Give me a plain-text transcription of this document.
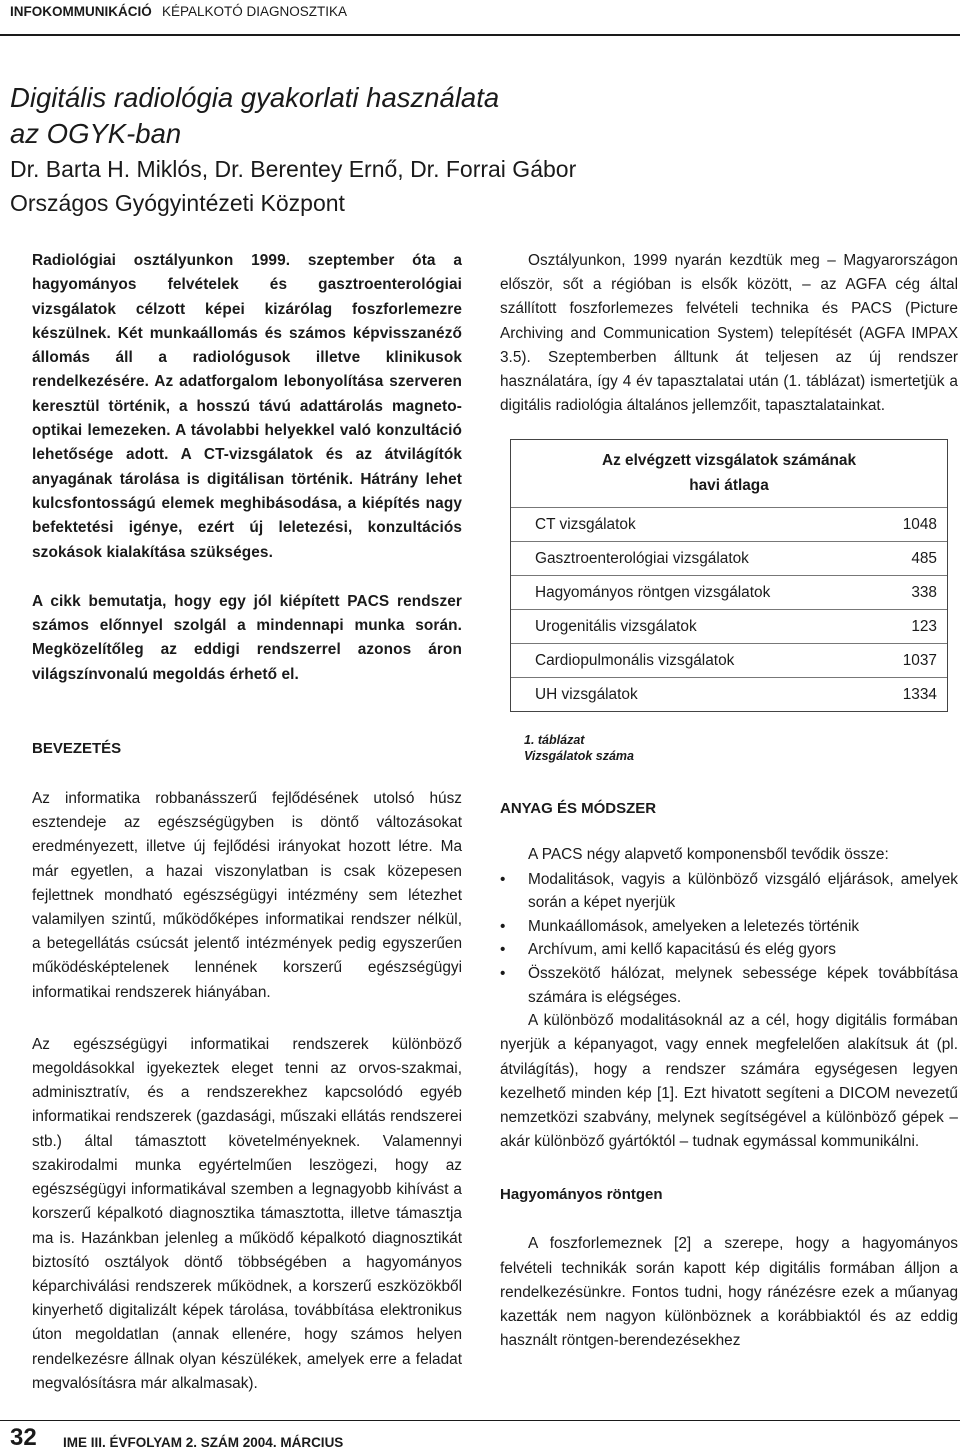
INFOKOMMUNIKÁCIÓ KÉPALKOTÓ DIAGNOSZTIKA
Digitális radiológia gyakorlati használata
az OGYK-ban

Dr. Barta H. Miklós, Dr. Berentey Ernő, Dr. Forrai Gábor

Országos Gyógyintézeti Központ

Radiológiai osztályunkon 1999. szeptember óta a hagyományos felvételek és gasztroenterológiai vizsgálatok célzott képei kizárólag foszforlemezre készülnek. Két munkaállomás és számos képvisszanéző állomás áll a radiológusok illetve klinikusok rendelkezésére. Az adatforgalom lebonyolítása szerveren keresztül történik, a hosszú távú adattárolás magneto-optikai lemezeken. A távolabbi helyekkel való konzultáció lehetősége adott. A CT-vizsgálatok és az átvilágítók anyagának tárolása is digitálisan történik. Hátrány lehet kulcsfontosságú elemek meghibásodása, a kiépítés nagy befektetési igénye, ezért új leletezési, konzultációs szokások kialakítása szükséges.

A cikk bemutatja, hogy egy jól kiépített PACS rendszer számos előnnyel szolgál a mindennapi munka során. Megközelítőleg az eddigi rendszerrel azonos áron világszínvonalú megoldás érhető el.

BEVEZETÉS

Az informatika robbanásszerű fejlődésének utolsó húsz esztendeje az egészségügyben is döntő változásokat eredményezett, illetve új fejlődési irányokat hozott létre. Ma már egyetlen, a hazai viszonylatban is csak közepesen fejlettnek mondható egészségügyi intézmény sem létezhet valamilyen szintű, működőképes informatikai rendszer nélkül, a betegellátás csúcsát jelentő intézmények pedig egyszerűen működésképtelenek lennének korszerű egészségügyi informatikai rendszerek hiányában.

Az egészségügyi informatikai rendszerek különböző megoldásokkal igyekeztek eleget tenni az orvos-szakmai, adminisztratív, és a rendszerekhez kapcsolódó egyéb informatikai rendszerek (gazdasági, műszaki ellátás rendszerei stb.) által támasztott követelményeknek. Valamennyi szakirodalmi munka egyértelműen leszögezi, hogy az egészségügyi informatikával szemben a legnagyobb kihívást a korszerű képalkotó diagnosztika támasztotta, illetve támasztja ma is. Hazánkban jelenleg a működő képalkotó diagnosztikát biztosító osztályok döntő többségében a hagyományos képarchiválási rendszerek működnek, a korszerű eszközökből kinyerhető digitalizált képek tárolása, továbbítása elektronikus úton megoldatlan (annak ellenére, hogy számos helyen rendelkezésre állnak olyan készülékek, amelyek erre a feladat megvalósításra már alkalmasak).

Osztályunkon, 1999 nyarán kezdtük meg – Magyarországon először, sőt a régióban is elsők között, – az AGFA cég által szállított foszforlemezes felvételi technika és PACS (Picture Archiving and Communication System) telepítését (AGFA IMPAX 3.5). Szeptemberben álltunk át teljesen az új rendszer használatára, így 4 év tapasztalatai után (1. táblázat) ismertetjük a digitális radiológia általános jellemzőit, tapasztalatainkat.

Az elvégzett vizsgálatok számának
havi átlaga
CT vizsgálatok	1048
Gasztroenterológiai vizsgálatok	485
Hagyományos röntgen vizsgálatok	338
Urogenitális vizsgálatok	123
Cardiopulmonális vizsgálatok	1037
UH vizsgálatok	1334
1. táblázat
Vizsgálatok száma
ANYAG ÉS MÓDSZER

A PACS négy alapvető komponensből tevődik össze:

• Modalitások, vagyis a különböző vizsgáló eljárások, amelyek során a képet nyerjük
• Munkaállomások, amelyeken a leletezés történik
• Archívum, ami kellő kapacitású és elég gyors
• Összekötő hálózat, melynek sebessége képek továbbítása számára is elégséges.

A különböző modalitásoknál az a cél, hogy digitális formában nyerjük a képanyagot, vagy ennek megfelelően alakítsuk át (pl. átvilágítás), hogy a rendszer számára egységesen legyen kezelhető minden kép [1]. Ezt hivatott segíteni a DICOM nevezetű nemzetközi szabvány, melynek segítségével a különböző gépek – akár különböző gyártóktól – tudnak egymással kommunikálni.

Hagyományos röntgen

A foszforlemeznek [2] a szerepe, hogy a hagyományos felvételi technikák során kapott kép digitális formában álljon a rendelkezésünkre. Fontos tudni, hogy ránézésre ezek a műanyag kazetták nem nagyon különböznek a korábbiaktól és az eddig használt röntgen-berendezésekhez

32 IME III. ÉVFOLYAM 2. SZÁM 2004. MÁRCIUS
